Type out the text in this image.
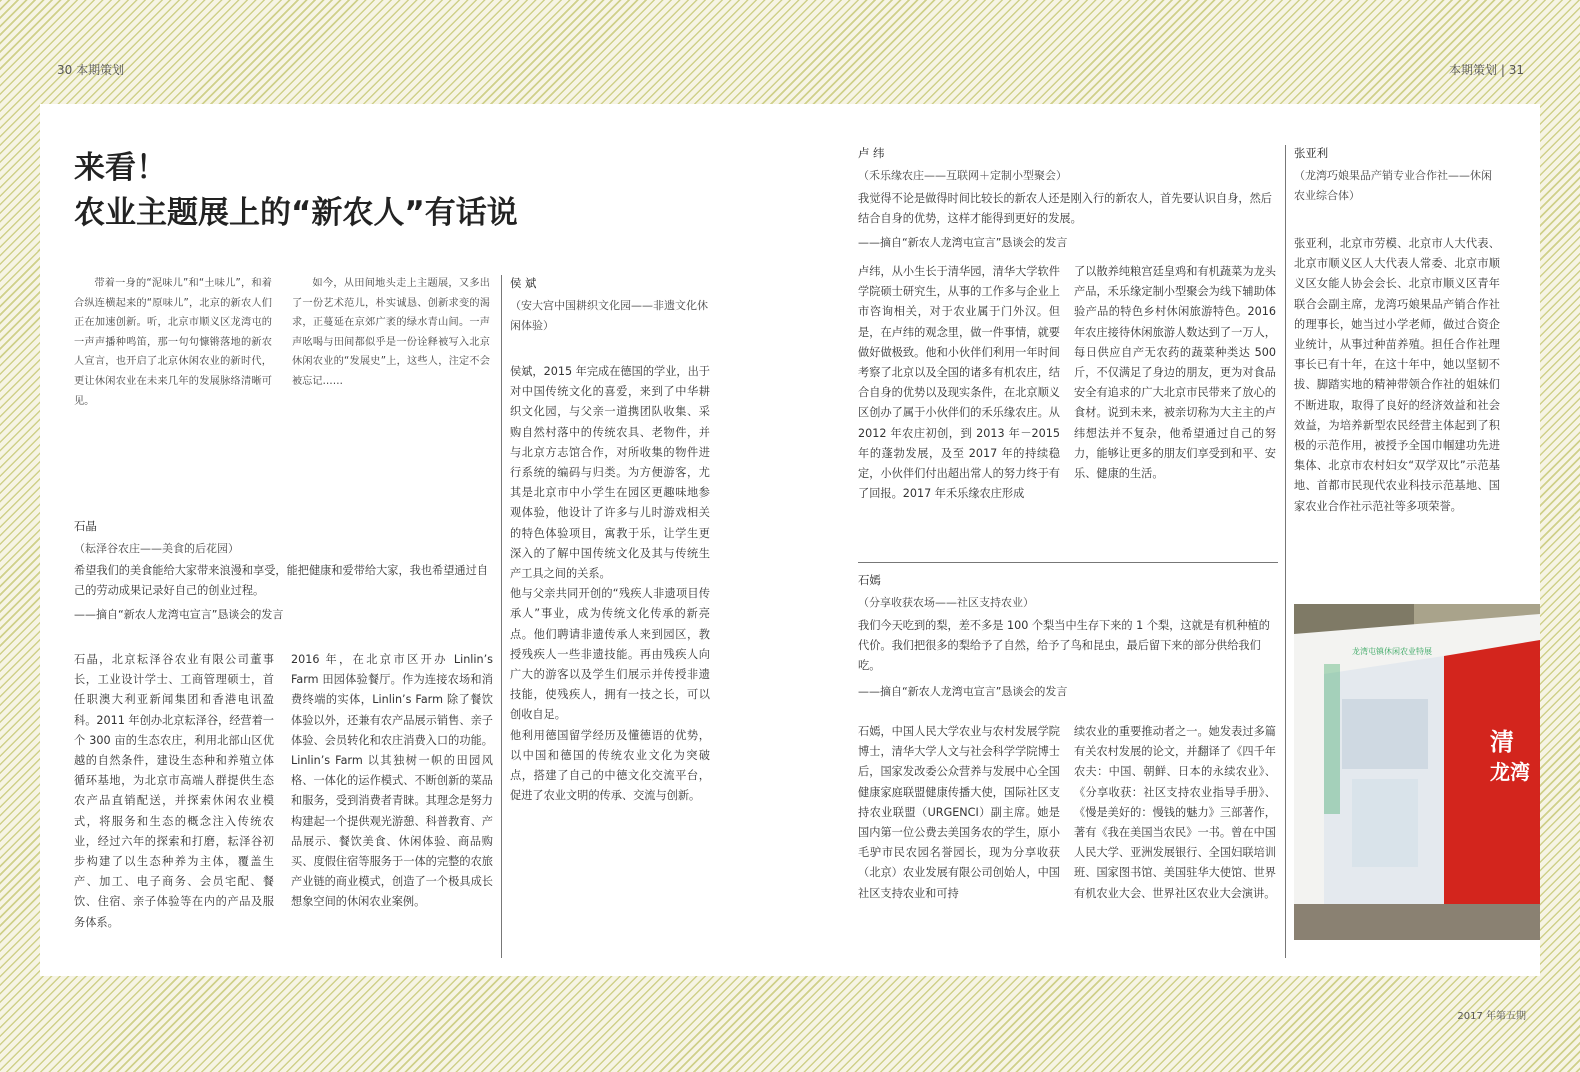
30 本期策划	本期策划 | 31
来看！
农业主题展上的“新农人”有话说
带着一身的“泥味儿”和“土味儿”，和着合纵连横起来的“原味儿”，北京的新农人们正在加速创新。听，北京市顺义区龙湾屯的一声声播种鸣笛，那一句句慷锵落地的新农人宣言，也开启了北京休闲农业的新时代，更让休闲农业在未来几年的发展脉络清晰可见。
如今，从田间地头走上主题展，又多出了一份艺术范儿，朴实诚恳、创新求变的渴求，正蔓延在京郊广袤的绿水青山间。一声声吆喝与田间都似乎是一份诠释被写入北京休闲农业的“发展史”上，这些人，注定不会被忘记……
石晶
（耘泽谷农庄——美食的后花园）
希望我们的美食能给大家带来浪漫和享受，能把健康和爱带给大家，我也希望通过自己的劳动成果记录好自己的创业过程。
——摘自“新农人龙湾屯宣言”恳谈会的发言
石晶，北京耘泽谷农业有限公司董事长，工业设计学士、工商管理硕士，首任职澳大利亚新闻集团和香港电讯盈科。2011 年创办北京耘泽谷，经营着一个 300 亩的生态农庄，利用北部山区优越的自然条件，建设生态种和养殖立体循环基地，为北京市高端人群提供生态农产品直销配送，并探索休闲农业模式，将服务和生态的概念注入传统农业，经过六年的探索和打磨，耘泽谷初步构建了以生态种养为主体，覆盖生产、加工、电子商务、会员宅配、餐饮、住宿、亲子体验等在内的产品及服务体系。
2016 年，在北京市区开办 Linlin’s Farm 田园体验餐厅。作为连接农场和消费终端的实体，Linlin’s Farm 除了餐饮体验以外，还兼有农产品展示销售、亲子体验、会员转化和农庄消费入口的功能。Linlin’s Farm 以其独树一帜的田园风格、一体化的运作模式、不断创新的菜品和服务，受到消费者青睐。其理念是努力构建起一个提供观光游憩、科普教育、产品展示、餐饮美食、休闲体验、商品购买、度假住宿等服务于一体的完整的农旅产业链的商业模式，创造了一个极具成长想象空间的休闲农业案例。
侯 斌
（安大宫中国耕织文化园——非遗文化休闲体验）
侯斌，2015 年完成在德国的学业，出于对中国传统文化的喜爱，来到了中华耕织文化园，与父亲一道携团队收集、采购自然村落中的传统农具、老物件，并与北京方志馆合作，对所收集的物件进行系统的编码与归类。为方便游客，尤其是北京市中小学生在园区更趣味地参观体验，他设计了许多与儿时游戏相关的特色体验项目，寓教于乐，让学生更深入的了解中国传统文化及其与传统生产工具之间的关系。
他与父亲共同开创的“残疾人非遗项目传承人”事业，成为传统文化传承的新亮点。他们聘请非遗传承人来到园区，教授残疾人一些非遗技能。再由残疾人向广大的游客以及学生们展示并传授非遗技能，使残疾人，拥有一技之长，可以创收自足。
他利用德国留学经历及懂德语的优势，以中国和德国的传统农业文化为突破点，搭建了自己的中德文化交流平台，促进了农业文明的传承、交流与创新。
卢 纬
（禾乐缘农庄——互联网＋定制小型聚会）
我觉得不论是做得时间比较长的新农人还是刚入行的新农人，首先要认识自身，然后结合自身的优势，这样才能得到更好的发展。
——摘自“新农人龙湾屯宣言”恳谈会的发言
卢纬，从小生长于清华园，清华大学软件学院硕士研究生，从事的工作多与企业上市咨询相关，对于农业属于门外汉。但是，在卢纬的观念里，做一件事情，就要做好做极致。他和小伙伴们利用一年时间考察了北京以及全国的诸多有机农庄，结合自身的优势以及现实条件，在北京顺义区创办了属于小伙伴们的禾乐缘农庄。从 2012 年农庄初创，到 2013 年－2015 年的蓬勃发展，及至 2017 年的持续稳定，小伙伴们付出超出常人的努力终于有了回报。2017 年禾乐缘农庄形成
了以散养纯粮宫廷皇鸡和有机蔬菜为龙头产品，禾乐缘定制小型聚会为线下辅助体验产品的特色乡村休闲旅游特色。2016 年农庄接待休闲旅游人数达到了一万人，每日供应自产无农药的蔬菜种类达 500 斤，不仅满足了身边的朋友，更为对食品安全有追求的广大北京市民带来了放心的食材。说到未来，被亲切称为大主主的卢纬想法并不复杂，他希望通过自己的努力，能够让更多的朋友们享受到和平、安乐、健康的生活。
石嫣
（分享收获农场——社区支持农业）
我们今天吃到的梨，差不多是 100 个梨当中生存下来的 1 个梨，这就是有机种植的代价。我们把很多的梨给予了自然，给予了鸟和昆虫，最后留下来的部分供给我们吃。
——摘自“新农人龙湾屯宣言”恳谈会的发言
石嫣，中国人民大学农业与农村发展学院博士，清华大学人文与社会科学学院博士后，国家发改委公众营养与发展中心全国健康家庭联盟健康传播大使，国际社区支持农业联盟（URGENCI）副主席。她是国内第一位公费去美国务农的学生，原小毛驴市民农园名誉园长，现为分享收获（北京）农业发展有限公司创始人，中国社区支持农业和可持
续农业的重要推动者之一。她发表过多篇有关农村发展的论文，并翻译了《四千年农夫：中国、朝鲜、日本的永续农业》、《分享收获：社区支持农业指导手册》、《慢是美好的：慢钱的魅力》三部著作，著有《我在美国当农民》一书。曾在中国人民大学、亚洲发展银行、全国妇联培训班、国家图书馆、美国驻华大使馆、世界有机农业大会、世界社区农业大会演讲。
张亚利
（龙湾巧娘果品产销专业合作社——休闲农业综合体）
张亚利，北京市劳模、北京市人大代表、北京市顺义区人大代表人常委、北京市顺义区女能人协会会长、北京市顺义区青年联合会副主席，龙湾巧娘果品产销合作社的理事长，她当过小学老师，做过合资企业统计，从事过种苗养殖。担任合作社理事长已有十年，在这十年中，她以坚韧不拔、脚踏实地的精神带领合作社的姐妹们不断进取，取得了良好的经济效益和社会效益，为培养新型农民经营主体起到了积极的示范作用，被授予全国巾帼建功先进集体、北京市农村妇女“双学双比”示范基地、首都市民现代农业科技示范基地、国家农业合作社示范社等多项荣誉。
龙湾屯镇休闲农业特展
清
龙湾
2017 年第五期
